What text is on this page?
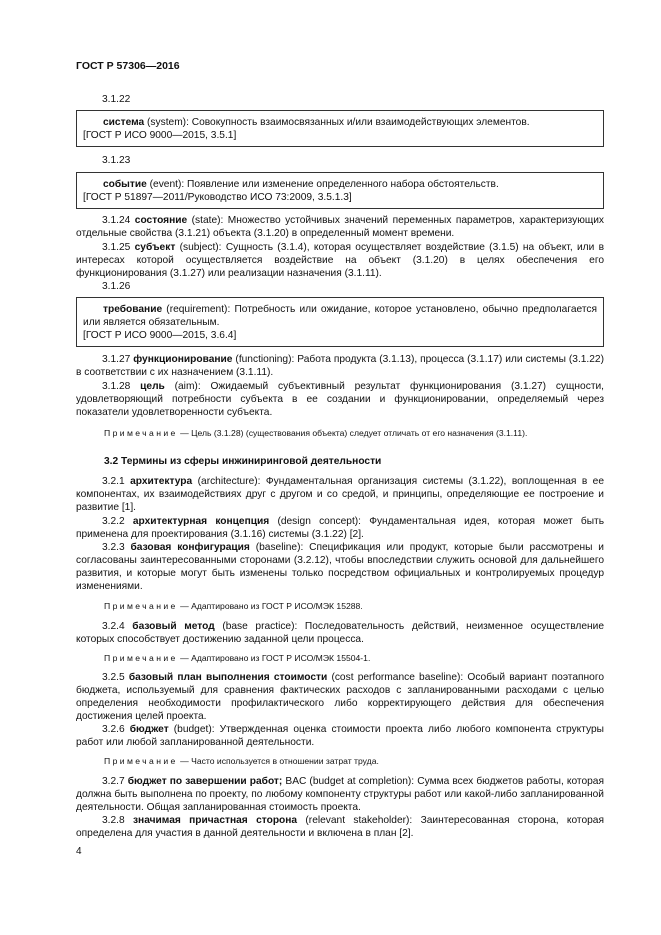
ГОСТ Р 57306—2016
3.1.22
система (system): Совокупность взаимосвязанных и/или взаимодействующих элементов.
[ГОСТ Р ИСО 9000—2015, 3.5.1]
3.1.23
событие (event): Появление или изменение определенного набора обстоятельств.
[ГОСТ Р 51897—2011/Руководство ИСО 73:2009, 3.5.1.3]
3.1.24 состояние (state): Множество устойчивых значений переменных параметров, характеризующих отдельные свойства (3.1.21) объекта (3.1.20) в определенный момент времени.
3.1.25 субъект (subject): Сущность (3.1.4), которая осуществляет воздействие (3.1.5) на объект, или в интересах которой осуществляется воздействие на объект (3.1.20) в целях обеспечения его функционирования (3.1.27) или реализации назначения (3.1.11).
3.1.26
требование (requirement): Потребность или ожидание, которое установлено, обычно предполагается или является обязательным.
[ГОСТ Р ИСО 9000—2015, 3.6.4]
3.1.27 функционирование (functioning): Работа продукта (3.1.13), процесса (3.1.17) или системы (3.1.22) в соответствии с их назначением (3.1.11).
3.1.28 цель (aim): Ожидаемый субъективный результат функционирования (3.1.27) сущности, удовлетворяющий потребности субъекта в ее создании и функционировании, определяемый через показатели удовлетворенности субъекта.
Примечание — Цель (3.1.28) (существования объекта) следует отличать от его назначения (3.1.11).
3.2 Термины из сферы инжиниринговой деятельности
3.2.1 архитектура (architecture): Фундаментальная организация системы (3.1.22), воплощенная в ее компонентах, их взаимодействиях друг с другом и со средой, и принципы, определяющие ее построение и развитие [1].
3.2.2 архитектурная концепция (design concept): Фундаментальная идея, которая может быть применена для проектирования (3.1.16) системы (3.1.22) [2].
3.2.3 базовая конфигурация (baseline): Спецификация или продукт, которые были рассмотрены и согласованы заинтересованными сторонами (3.2.12), чтобы впоследствии служить основой для дальнейшего развития, и которые могут быть изменены только посредством официальных и контролируемых процедур изменениями.
Примечание — Адаптировано из ГОСТ Р ИСО/МЭК 15288.
3.2.4 базовый метод (base practice): Последовательность действий, неизменное осуществление которых способствует достижению заданной цели процесса.
Примечание — Адаптировано из ГОСТ Р ИСО/МЭК 15504-1.
3.2.5 базовый план выполнения стоимости (cost performance baseline): Особый вариант поэтапного бюджета, используемый для сравнения фактических расходов с запланированными расходами с целью определения необходимости профилактического либо корректирующего действия для обеспечения достижения целей проекта.
3.2.6 бюджет (budget): Утвержденная оценка стоимости проекта либо любого компонента структуры работ или любой запланированной деятельности.
Примечание — Часто используется в отношении затрат труда.
3.2.7 бюджет по завершении работ; BAC (budget at completion): Сумма всех бюджетов работы, которая должна быть выполнена по проекту, по любому компоненту структуры работ или какой-либо запланированной деятельности. Общая запланированная стоимость проекта.
3.2.8 значимая причастная сторона (relevant stakeholder): Заинтересованная сторона, которая определена для участия в данной деятельности и включена в план [2].
4
